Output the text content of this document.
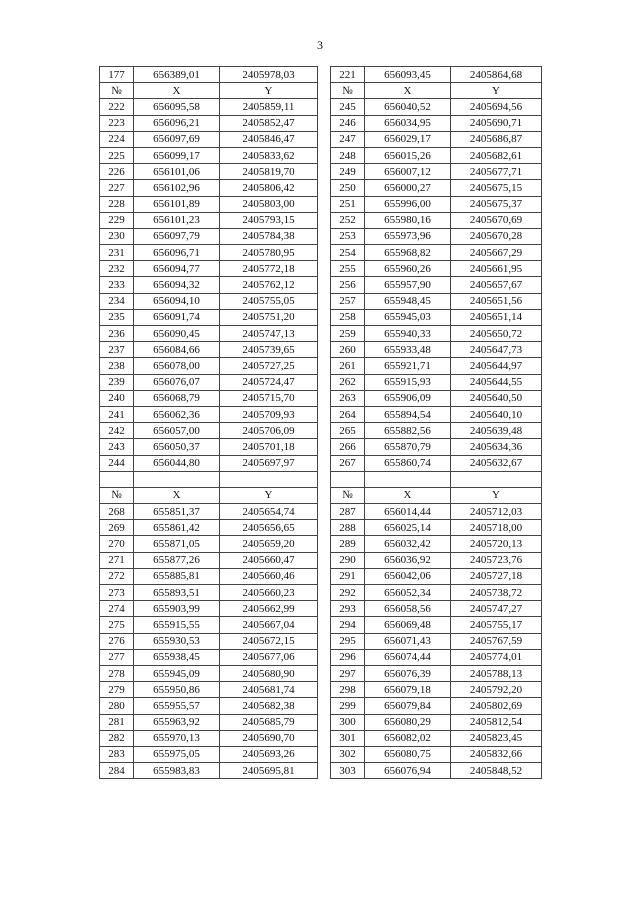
3
177	656389,01	2405978,03		221	656093,45	2405864,68
№	X	Y		№	X	Y
222	656095,58	2405859,11		245	656040,52	2405694,56
223	656096,21	2405852,47		246	656034,95	2405690,71
224	656097,69	2405846,47		247	656029,17	2405686,87
225	656099,17	2405833,62		248	656015,26	2405682,61
226	656101,06	2405819,70		249	656007,12	2405677,71
227	656102,96	2405806,42		250	656000,27	2405675,15
228	656101,89	2405803,00		251	655996,00	2405675,37
229	656101,23	2405793,15		252	655980,16	2405670,69
230	656097,79	2405784,38		253	655973,96	2405670,28
231	656096,71	2405780,95		254	655968,82	2405667,29
232	656094,77	2405772,18		255	655960,26	2405661,95
233	656094,32	2405762,12		256	655957,90	2405657,67
234	656094,10	2405755,05		257	655948,45	2405651,56
235	656091,74	2405751,20		258	655945,03	2405651,14
236	656090,45	2405747,13		259	655940,33	2405650,72
237	656084,66	2405739,65		260	655933,48	2405647,73
238	656078,00	2405727,25		261	655921,71	2405644,97
239	656076,07	2405724,47		262	655915,93	2405644,55
240	656068,79	2405715,70		263	655906,09	2405640,50
241	656062,36	2405709,93		264	655894,54	2405640,10
242	656057,00	2405706,09		265	655882,56	2405639,48
243	656050,37	2405701,18		266	655870,79	2405634,36
244	656044,80	2405697,97		267	655860,74	2405632,67

№	X	Y		№	X	Y
268	655851,37	2405654,74		287	656014,44	2405712,03
269	655861,42	2405656,65		288	656025,14	2405718,00
270	655871,05	2405659,20		289	656032,42	2405720,13
271	655877,26	2405660,47		290	656036,92	2405723,76
272	655885,81	2405660,46		291	656042,06	2405727,18
273	655893,51	2405660,23		292	656052,34	2405738,72
274	655903,99	2405662,99		293	656058,56	2405747,27
275	655915,55	2405667,04		294	656069,48	2405755,17
276	655930,53	2405672,15		295	656071,43	2405767,59
277	655938,45	2405677,06		296	656074,44	2405774,01
278	655945,09	2405680,90		297	656076,39	2405788,13
279	655950,86	2405681,74		298	656079,18	2405792,20
280	655955,57	2405682,38		299	656079,84	2405802,69
281	655963,92	2405685,79		300	656080,29	2405812,54
282	655970,13	2405690,70		301	656082,02	2405823,45
283	655975,05	2405693,26		302	656080,75	2405832,66
284	655983,83	2405695,81		303	656076,94	2405848,52
